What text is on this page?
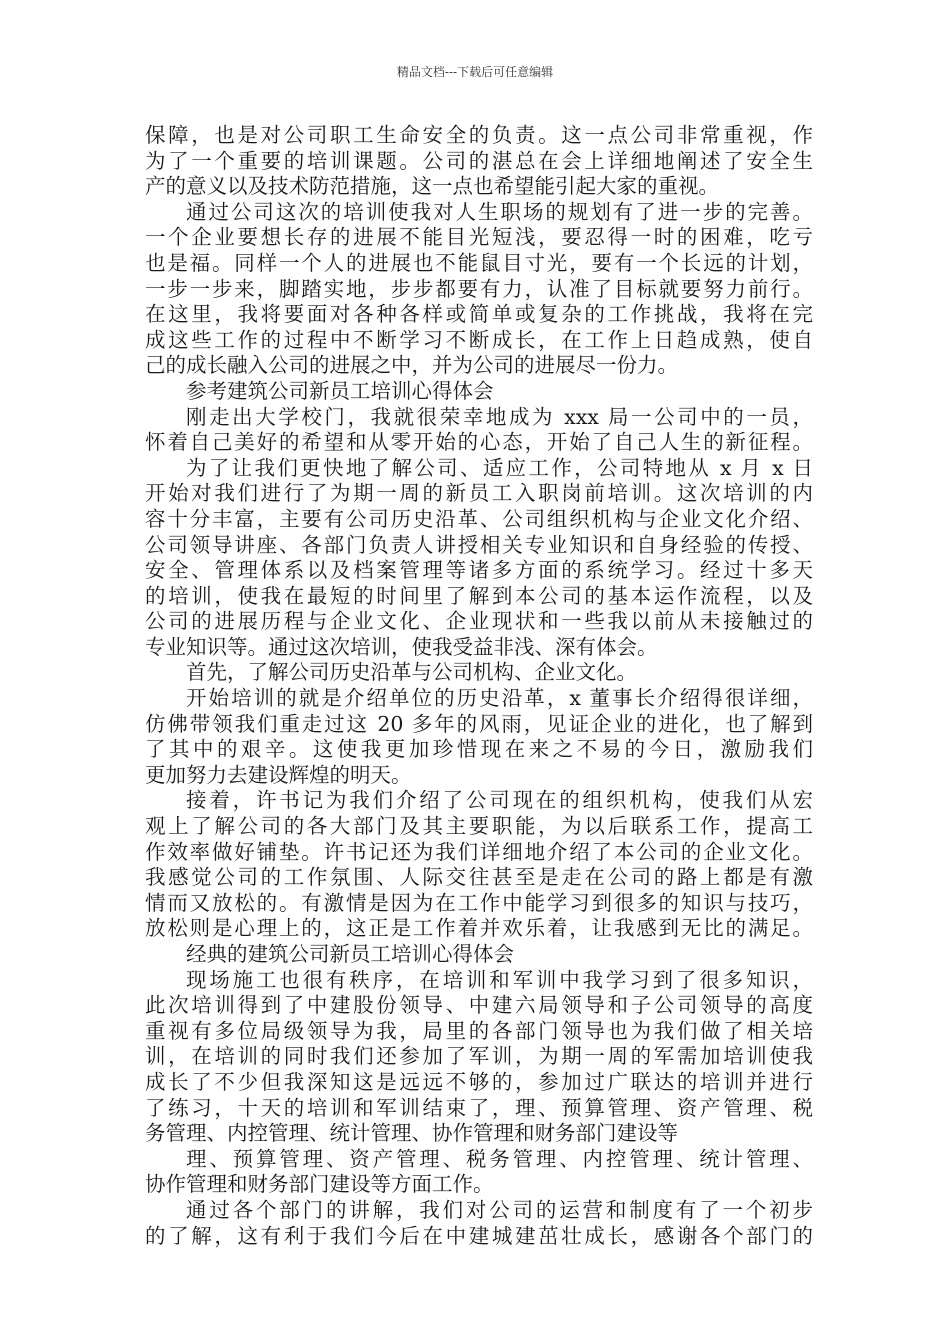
精品文档---下载后可任意编辑
保障，也是对公司职工生命安全的负责。这一点公司非常重视，作
为了一个重要的培训课题。公司的湛总在会上详细地阐述了安全生
产的意义以及技术防范措施，这一点也希望能引起大家的重视。
通过公司这次的培训使我对人生职场的规划有了进一步的完善。
一个企业要想长存的进展不能目光短浅，要忍得一时的困难，吃亏
也是福。同样一个人的进展也不能鼠目寸光，要有一个长远的计划，
一步一步来，脚踏实地，步步都要有力，认准了目标就要努力前行。
在这里，我将要面对各种各样或简单或复杂的工作挑战，我将在完
成这些工作的过程中不断学习不断成长，在工作上日趋成熟，使自
己的成长融入公司的进展之中，并为公司的进展尽一份力。
参考建筑公司新员工培训心得体会
刚走出大学校门，我就很荣幸地成为 xxx 局一公司中的一员，
怀着自己美好的希望和从零开始的心态，开始了自己人生的新征程。
为了让我们更快地了解公司、适应工作，公司特地从 x 月 x 日
开始对我们进行了为期一周的新员工入职岗前培训。这次培训的内
容十分丰富，主要有公司历史沿革、公司组织机构与企业文化介绍、
公司领导讲座、各部门负责人讲授相关专业知识和自身经验的传授、
安全、管理体系以及档案管理等诸多方面的系统学习。经过十多天
的培训，使我在最短的时间里了解到本公司的基本运作流程，以及
公司的进展历程与企业文化、企业现状和一些我以前从未接触过的
专业知识等。通过这次培训，使我受益非浅、深有体会。
首先，了解公司历史沿革与公司机构、企业文化。
开始培训的就是介绍单位的历史沿革，x 董事长介绍得很详细，
仿佛带领我们重走过这 20 多年的风雨，见证企业的进化，也了解到
了其中的艰辛。这使我更加珍惜现在来之不易的今日，激励我们
更加努力去建设辉煌的明天。
接着，许书记为我们介绍了公司现在的组织机构，使我们从宏
观上了解公司的各大部门及其主要职能，为以后联系工作，提高工
作效率做好铺垫。许书记还为我们详细地介绍了本公司的企业文化。
我感觉公司的工作氛围、人际交往甚至是走在公司的路上都是有激
情而又放松的。有激情是因为在工作中能学习到很多的知识与技巧，
放松则是心理上的，这正是工作着并欢乐着，让我感到无比的满足。
经典的建筑公司新员工培训心得体会
现场施工也很有秩序，在培训和军训中我学习到了很多知识，
此次培训得到了中建股份领导、中建六局领导和子公司领导的高度
重视有多位局级领导为我，局里的各部门领导也为我们做了相关培
训，在培训的同时我们还参加了军训，为期一周的军需加培训使我
成长了不少但我深知这是远远不够的，参加过广联达的培训并进行
了练习，十天的培训和军训结束了，理、预算管理、资产管理、税
务管理、内控管理、统计管理、协作管理和财务部门建设等
理、预算管理、资产管理、税务管理、内控管理、统计管理、
协作管理和财务部门建设等方面工作。
通过各个部门的讲解，我们对公司的运营和制度有了一个初步
的了解，这有利于我们今后在中建城建茁壮成长，感谢各个部门的
